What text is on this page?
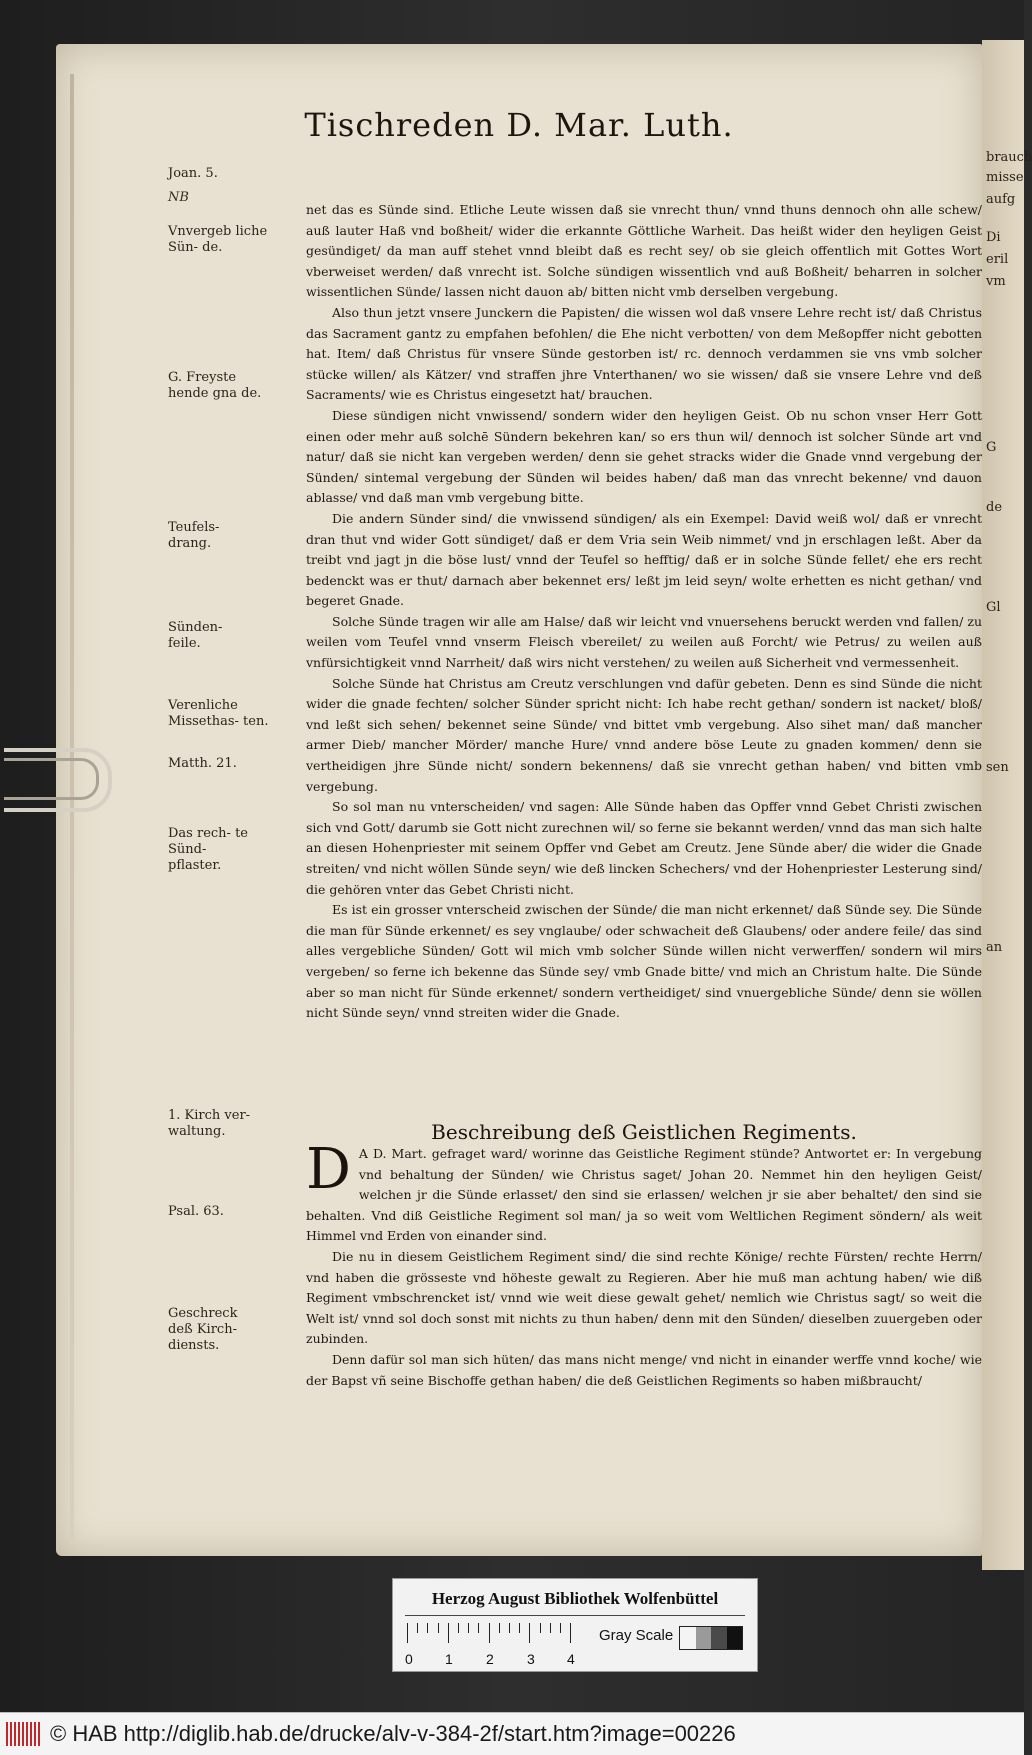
brauch
misse
aufg
Di
eril
vm
G
de
Gl
sen
an
Tischreden D. Mar. Luth.
Joan. 5.
NB
Vnvergeb liche Sün- de.
G. Freyste hende gna de.
Teufels- drang.
Sünden- feile.
Verenliche Missethas- ten.
Matth. 21.
Das rech- te Sünd- pflaster.
1. Kirch ver- waltung.
Psal. 63.
Geschreck deß Kirch- diensts.

net das es Sünde sind. Etliche Leute wissen daß sie vnrecht thun/ vnnd thuns dennoch ohn alle schew/ auß lauter Haß vnd boßheit/ wider die erkannte Göttliche Warheit. Das heißt wider den heyligen Geist gesündiget/ da man auff stehet vnnd bleibt daß es recht sey/ ob sie gleich offentlich mit Gottes Wort vberweiset werden/ daß vnrecht ist. Solche sündigen wissentlich vnd auß Boßheit/ beharren in solcher wissentlichen Sünde/ lassen nicht dauon ab/ bitten nicht vmb derselben vergebung.

Also thun jetzt vnsere Junckern die Papisten/ die wissen wol daß vnsere Lehre recht ist/ daß Christus das Sacrament gantz zu empfahen befohlen/ die Ehe nicht verbotten/ von dem Meßopffer nicht gebotten hat. Item/ daß Christus für vnsere Sünde gestorben ist/ rc. dennoch verdammen sie vns vmb solcher stücke willen/ als Kätzer/ vnd straffen jhre Vnterthanen/ wo sie wissen/ daß sie vnsere Lehre vnd deß Sacraments/ wie es Christus eingesetzt hat/ brauchen.

Diese sündigen nicht vnwissend/ sondern wider den heyligen Geist. Ob nu schon vnser Herr Gott einen oder mehr auß solchē Sündern bekehren kan/ so ers thun wil/ dennoch ist solcher Sünde art vnd natur/ daß sie nicht kan vergeben werden/ denn sie gehet stracks wider die Gnade vnnd vergebung der Sünden/ sintemal vergebung der Sünden wil beides haben/ daß man das vnrecht bekenne/ vnd dauon ablasse/ vnd daß man vmb vergebung bitte.

Die andern Sünder sind/ die vnwissend sündigen/ als ein Exempel: David weiß wol/ daß er vnrecht dran thut vnd wider Gott sündiget/ daß er dem Vria sein Weib nimmet/ vnd jn erschlagen leßt. Aber da treibt vnd jagt jn die böse lust/ vnnd der Teufel so hefftig/ daß er in solche Sünde fellet/ ehe ers recht bedenckt was er thut/ darnach aber bekennet ers/ leßt jm leid seyn/ wolte erhetten es nicht gethan/ vnd begeret Gnade.

Solche Sünde tragen wir alle am Halse/ daß wir leicht vnd vnuersehens beruckt werden vnd fallen/ zu weilen vom Teufel vnnd vnserm Fleisch vbereilet/ zu weilen auß Forcht/ wie Petrus/ zu weilen auß vnfürsichtigkeit vnnd Narrheit/ daß wirs nicht verstehen/ zu weilen auß Sicherheit vnd vermessenheit.

Solche Sünde hat Christus am Creutz verschlungen vnd dafür gebeten. Denn es sind Sünde die nicht wider die gnade fechten/ solcher Sünder spricht nicht: Ich habe recht gethan/ sondern ist nacket/ bloß/ vnd leßt sich sehen/ bekennet seine Sünde/ vnd bittet vmb vergebung. Also sihet man/ daß mancher armer Dieb/ mancher Mörder/ manche Hure/ vnnd andere böse Leute zu gnaden kommen/ denn sie vertheidigen jhre Sünde nicht/ sondern bekennens/ daß sie vnrecht gethan haben/ vnd bitten vmb vergebung.

So sol man nu vnterscheiden/ vnd sagen: Alle Sünde haben das Opffer vnnd Gebet Christi zwischen sich vnd Gott/ darumb sie Gott nicht zurechnen wil/ so ferne sie bekannt werden/ vnnd das man sich halte an diesen Hohenpriester mit seinem Opffer vnd Gebet am Creutz. Jene Sünde aber/ die wider die Gnade streiten/ vnd nicht wöllen Sünde seyn/ wie deß lincken Schechers/ vnd der Hohenpriester Lesterung sind/ die gehören vnter das Gebet Christi nicht.

Es ist ein grosser vnterscheid zwischen der Sünde/ die man nicht erkennet/ daß Sünde sey. Die Sünde die man für Sünde erkennet/ es sey vnglaube/ oder schwacheit deß Glaubens/ oder andere feile/ das sind alles vergebliche Sünden/ Gott wil mich vmb solcher Sünde willen nicht verwerffen/ sondern wil mirs vergeben/ so ferne ich bekenne das Sünde sey/ vmb Gnade bitte/ vnd mich an Christum halte. Die Sünde aber so man nicht für Sünde erkennet/ sondern vertheidiget/ sind vnuergebliche Sünde/ denn sie wöllen nicht Sünde seyn/ vnnd streiten wider die Gnade.

Beschreibung deß Geistlichen Regiments.

D A D. Mart. gefraget ward/ worinne das Geistliche Regiment stünde? Antwortet er: In vergebung vnd behaltung der Sünden/ wie Christus saget/ Johan 20. Nemmet hin den heyligen Geist/ welchen jr die Sünde erlasset/ den sind sie erlassen/ welchen jr sie aber behaltet/ den sind sie behalten. Vnd diß Geistliche Regiment sol man/ ja so weit vom Weltlichen Regiment söndern/ als weit Himmel vnd Erden von einander sind.

Die nu in diesem Geistlichem Regiment sind/ die sind rechte Könige/ rechte Fürsten/ rechte Herrn/ vnd haben die grösseste vnd höheste gewalt zu Regieren. Aber hie muß man achtung haben/ wie diß Regiment vmbschrencket ist/ vnnd wie weit diese gewalt gehet/ nemlich wie Christus sagt/ so weit die Welt ist/ vnnd sol doch sonst mit nichts zu thun haben/ denn mit den Sünden/ dieselben zuuergeben oder zubinden.

Denn dafür sol man sich hüten/ das mans nicht menge/ vnd nicht in einander werffe vnnd koche/ wie der Bapst vñ seine Bischoffe gethan haben/ die deß Geistlichen Regiments so haben mißbraucht/

Herzog August Bibliothek Wolfenbüttel
0 1 2 3 4
Gray Scale
© HAB http://diglib.hab.de/drucke/alv-v-384-2f/start.htm?image=00226
